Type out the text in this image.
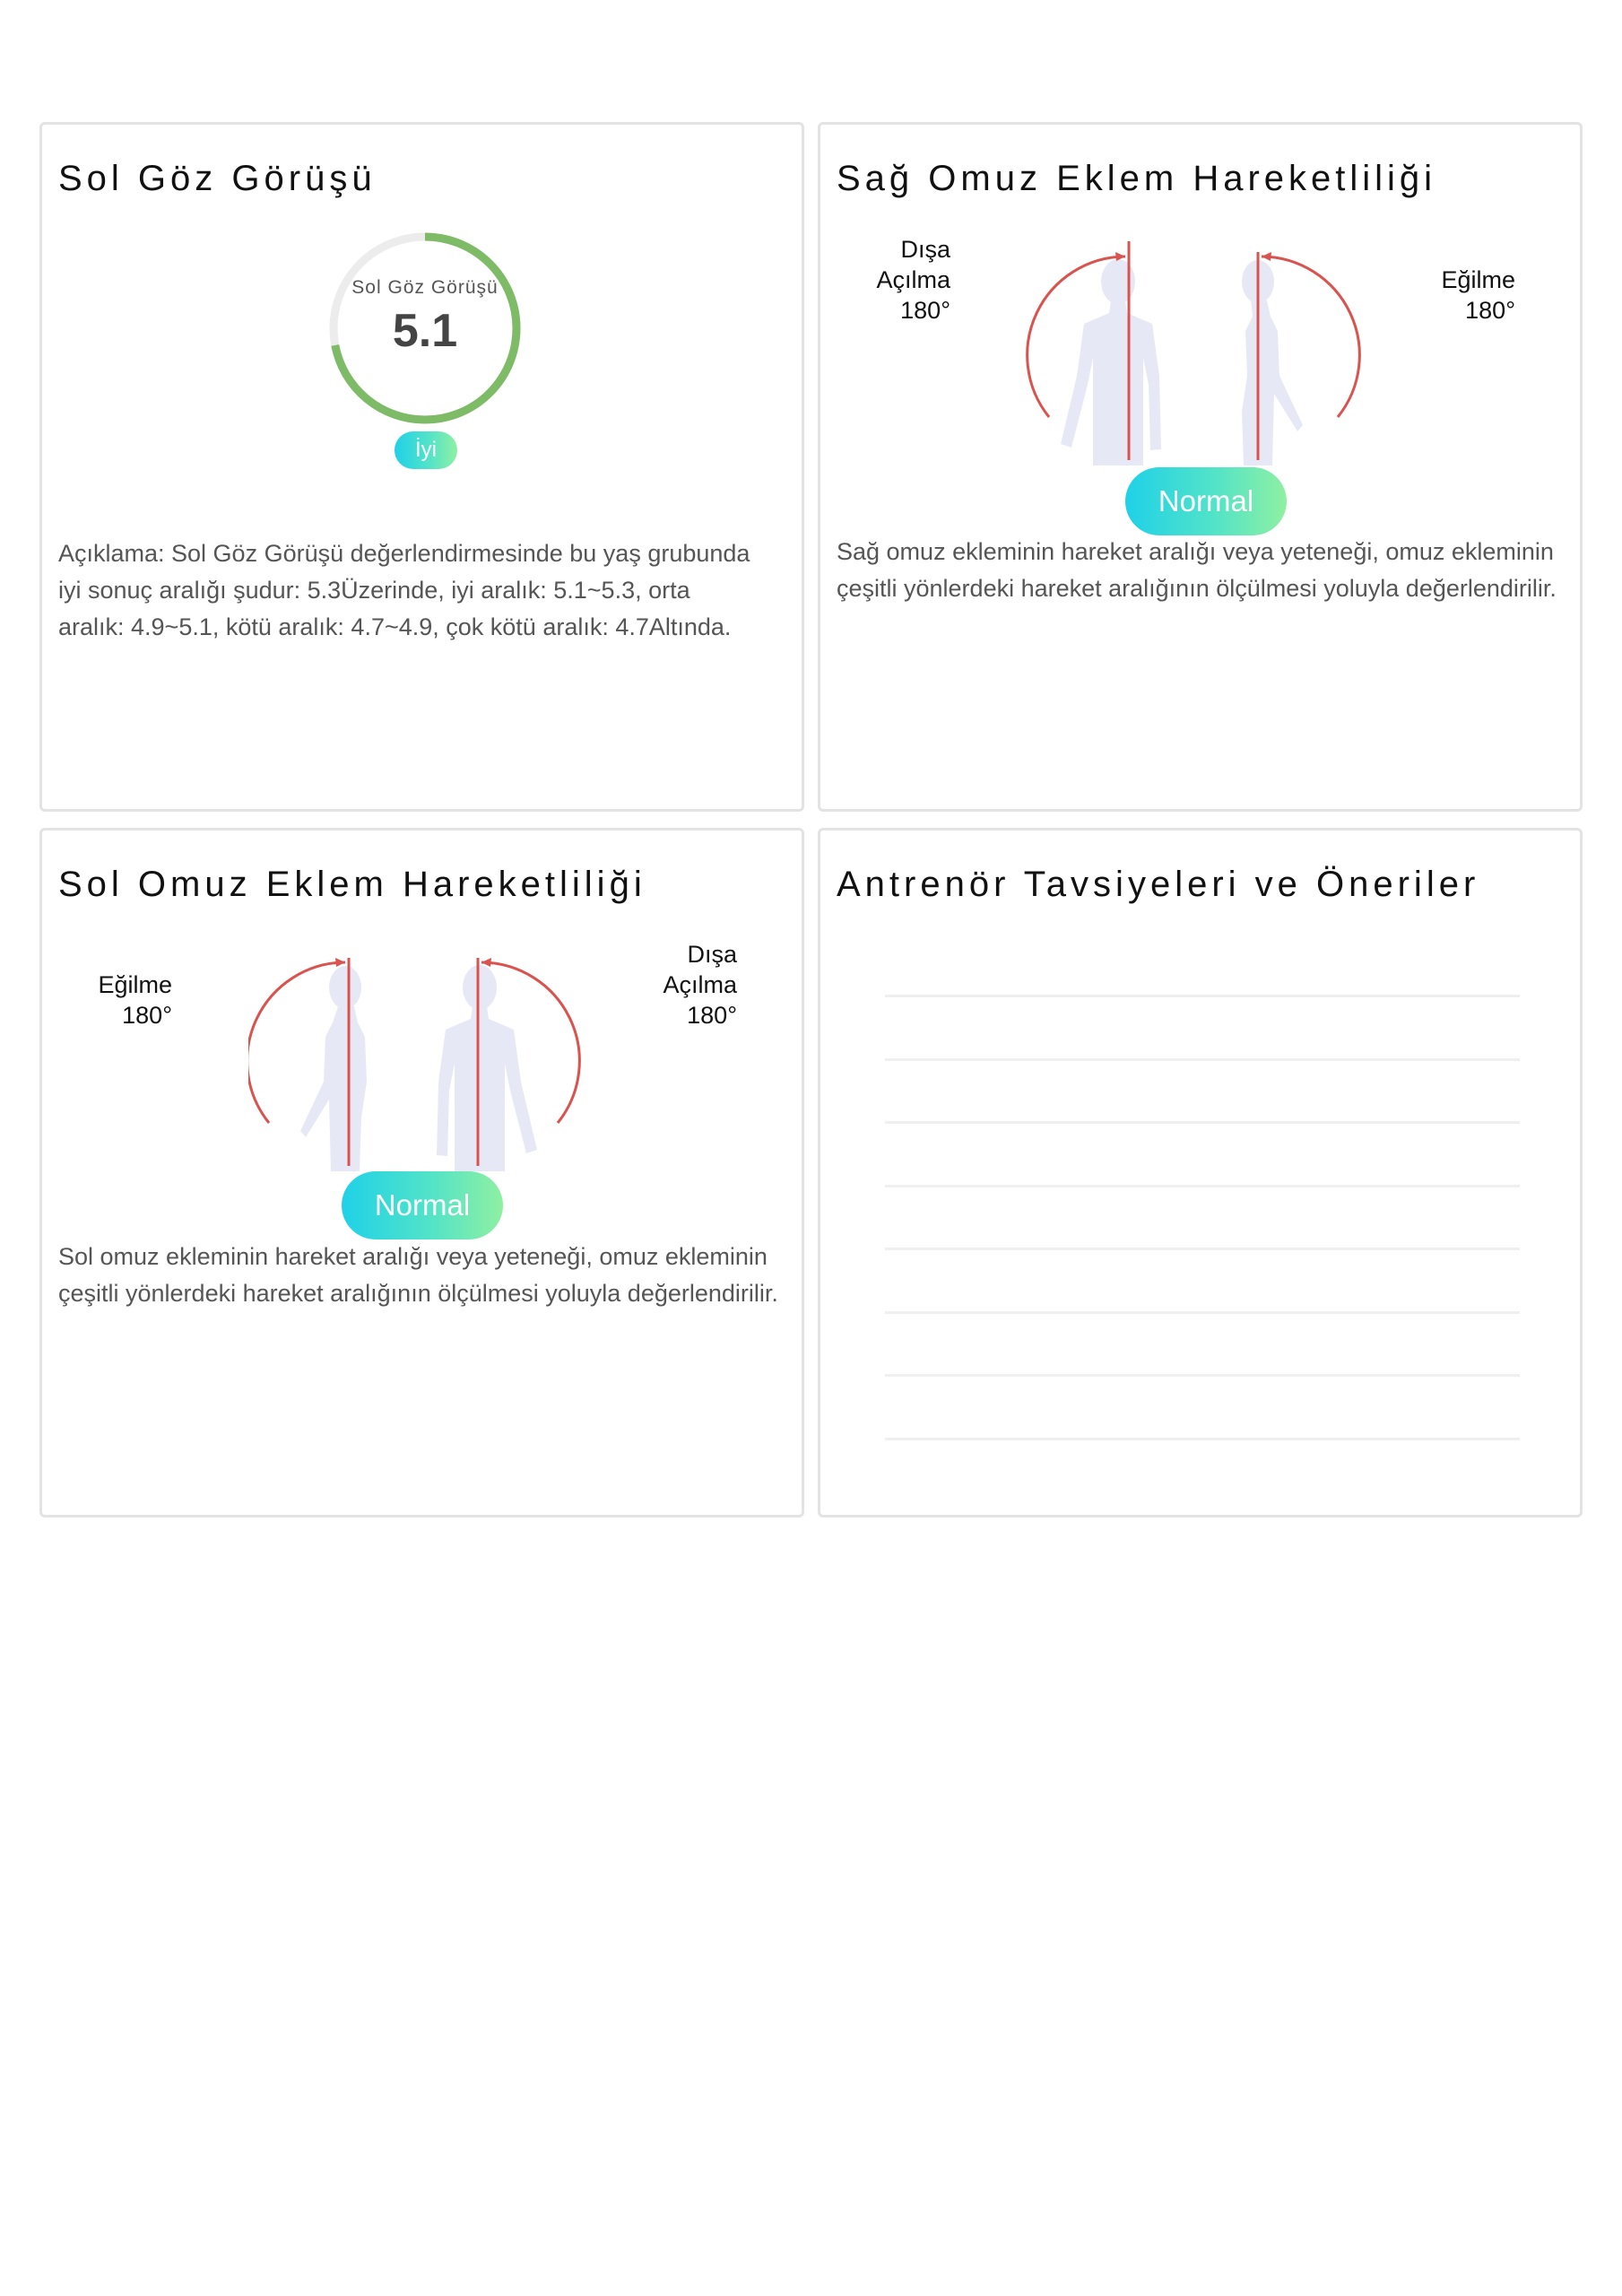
Sol Göz Görüşü
Sol Göz Görüşü
5.1
İyi

Açıklama: Sol Göz Görüşü değerlendirmesinde bu yaş grubunda iyi sonuç aralığı şudur: 5.3Üzerinde, iyi aralık: 5.1~5.3, orta aralık: 4.9~5.1, kötü aralık: 4.7~4.9, çok kötü aralık: 4.7Altında.

Sağ Omuz Eklem Hareketliliği
Dışa
Açılma
180°
Eğilme
180°
Normal

Sağ omuz ekleminin hareket aralığı veya yeteneği, omuz ekleminin çeşitli yönlerdeki hareket aralığının ölçülmesi yoluyla değerlendirilir.

Sol Omuz Eklem Hareketliliği
Eğilme
180°
Dışa
Açılma
180°
Normal

Sol omuz ekleminin hareket aralığı veya yeteneği, omuz ekleminin çeşitli yönlerdeki hareket aralığının ölçülmesi yoluyla değerlendirilir.

Antrenör Tavsiyeleri ve Öneriler
